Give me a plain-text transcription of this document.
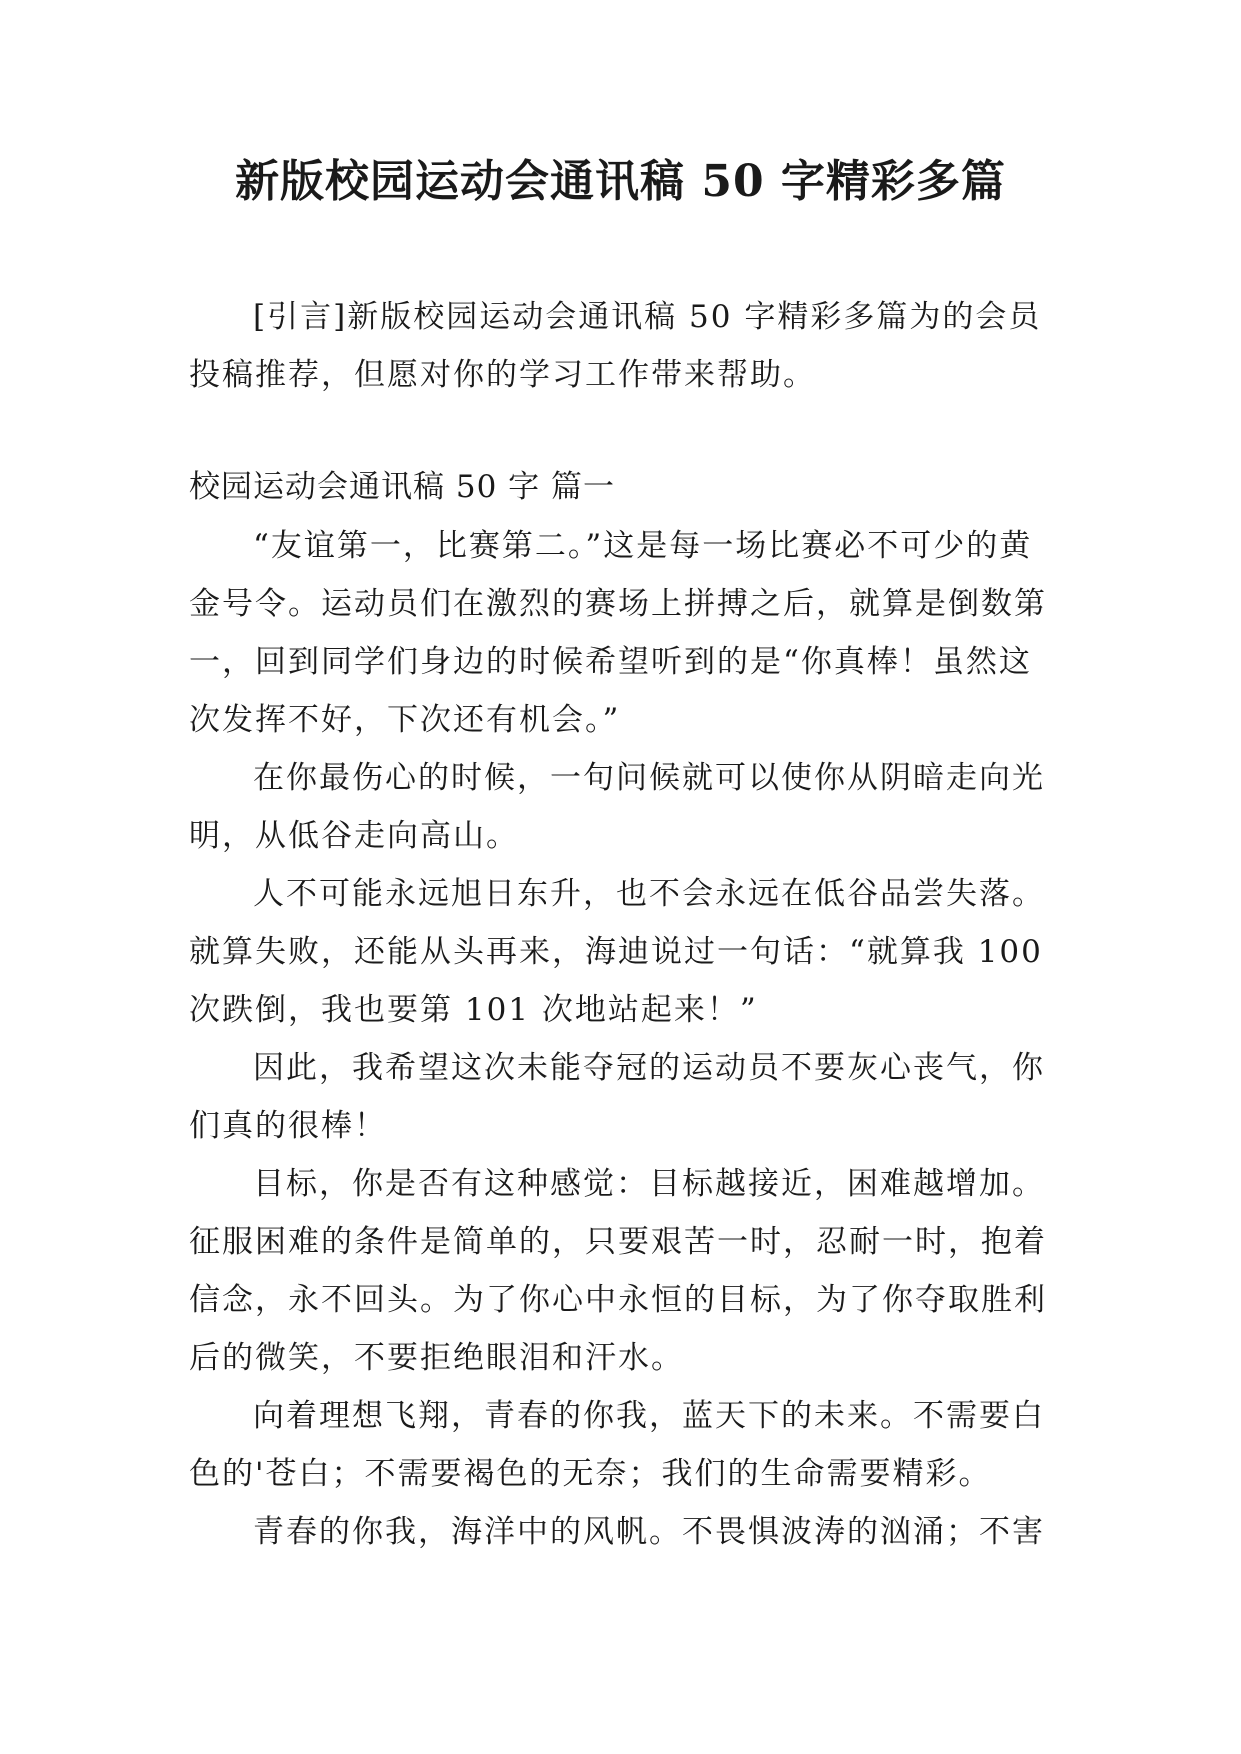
新版校园运动会通讯稿 50 字精彩多篇

[引言]新版校园运动会通讯稿 50 字精彩多篇为的会员投稿推荐，但愿对你的学习工作带来帮助。

校园运动会通讯稿 50 字 篇一

“友谊第一，比赛第二。”这是每一场比赛必不可少的黄金号令。运动员们在激烈的赛场上拼搏之后，就算是倒数第一，回到同学们身边的时候希望听到的是“你真棒！虽然这次发挥不好，下次还有机会。”

在你最伤心的时候，一句问候就可以使你从阴暗走向光明，从低谷走向高山。

人不可能永远旭日东升，也不会永远在低谷品尝失落。就算失败，还能从头再来，海迪说过一句话：“就算我 100 次跌倒，我也要第 101 次地站起来！”

因此，我希望这次未能夺冠的运动员不要灰心丧气，你们真的很棒！

目标，你是否有这种感觉：目标越接近，困难越增加。征服困难的条件是简单的，只要艰苦一时，忍耐一时，抱着信念，永不回头。为了你心中永恒的目标，为了你夺取胜利后的微笑，不要拒绝眼泪和汗水。

向着理想飞翔，青春的你我，蓝天下的未来。不需要白色的'苍白；不需要褐色的无奈；我们的生命需要精彩。

青春的你我，海洋中的风帆。不畏惧波涛的汹涌；不害
